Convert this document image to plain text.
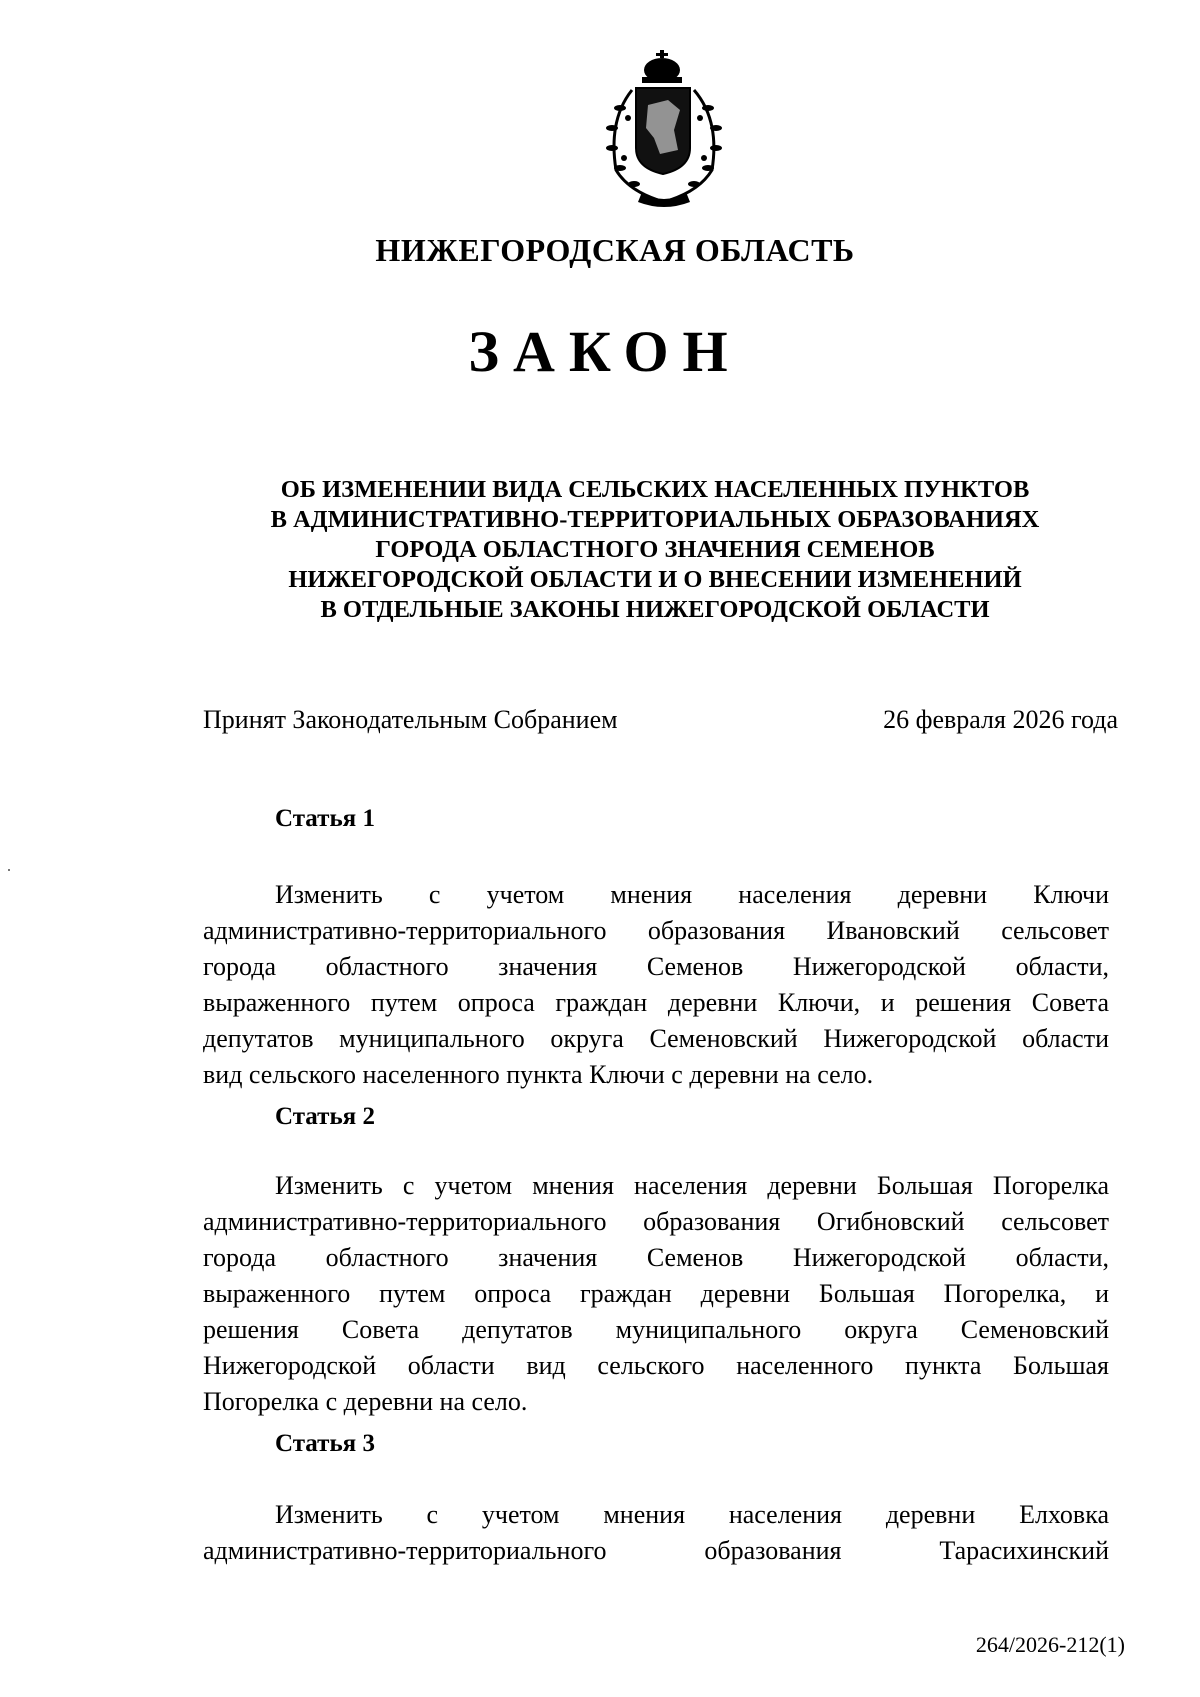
НИЖЕГОРОДСКАЯ ОБЛАСТЬ
ЗАКОН
ОБ ИЗМЕНЕНИИ ВИДА СЕЛЬСКИХ НАСЕЛЕННЫХ ПУНКТОВ
В АДМИНИСТРАТИВНО-ТЕРРИТОРИАЛЬНЫХ ОБРАЗОВАНИЯХ
ГОРОДА ОБЛАСТНОГО ЗНАЧЕНИЯ СЕМЕНОВ
НИЖЕГОРОДСКОЙ ОБЛАСТИ И О ВНЕСЕНИИ ИЗМЕНЕНИЙ
В ОТДЕЛЬНЫЕ ЗАКОНЫ НИЖЕГОРОДСКОЙ ОБЛАСТИ
Принят Законодательным Собранием	26 февраля 2026 года
Статья 1
Изменить с учетом мнения населения деревни Ключи
административно-территориального образования Ивановский сельсовет
города областного значения Семенов Нижегородской области,
выраженного путем опроса граждан деревни Ключи, и решения Совета
депутатов муниципального округа Семеновский Нижегородской области
вид сельского населенного пункта Ключи с деревни на село.
Статья 2
Изменить с учетом мнения населения деревни Большая Погорелка
административно-территориального образования Огибновский сельсовет
города областного значения Семенов Нижегородской области,
выраженного путем опроса граждан деревни Большая Погорелка, и
решения Совета депутатов муниципального округа Семеновский
Нижегородской области вид сельского населенного пункта Большая
Погорелка с деревни на село.
Статья 3
Изменить с учетом мнения населения деревни Елховка
административно-территориального образования Тарасихинский
264/2026-212(1)
